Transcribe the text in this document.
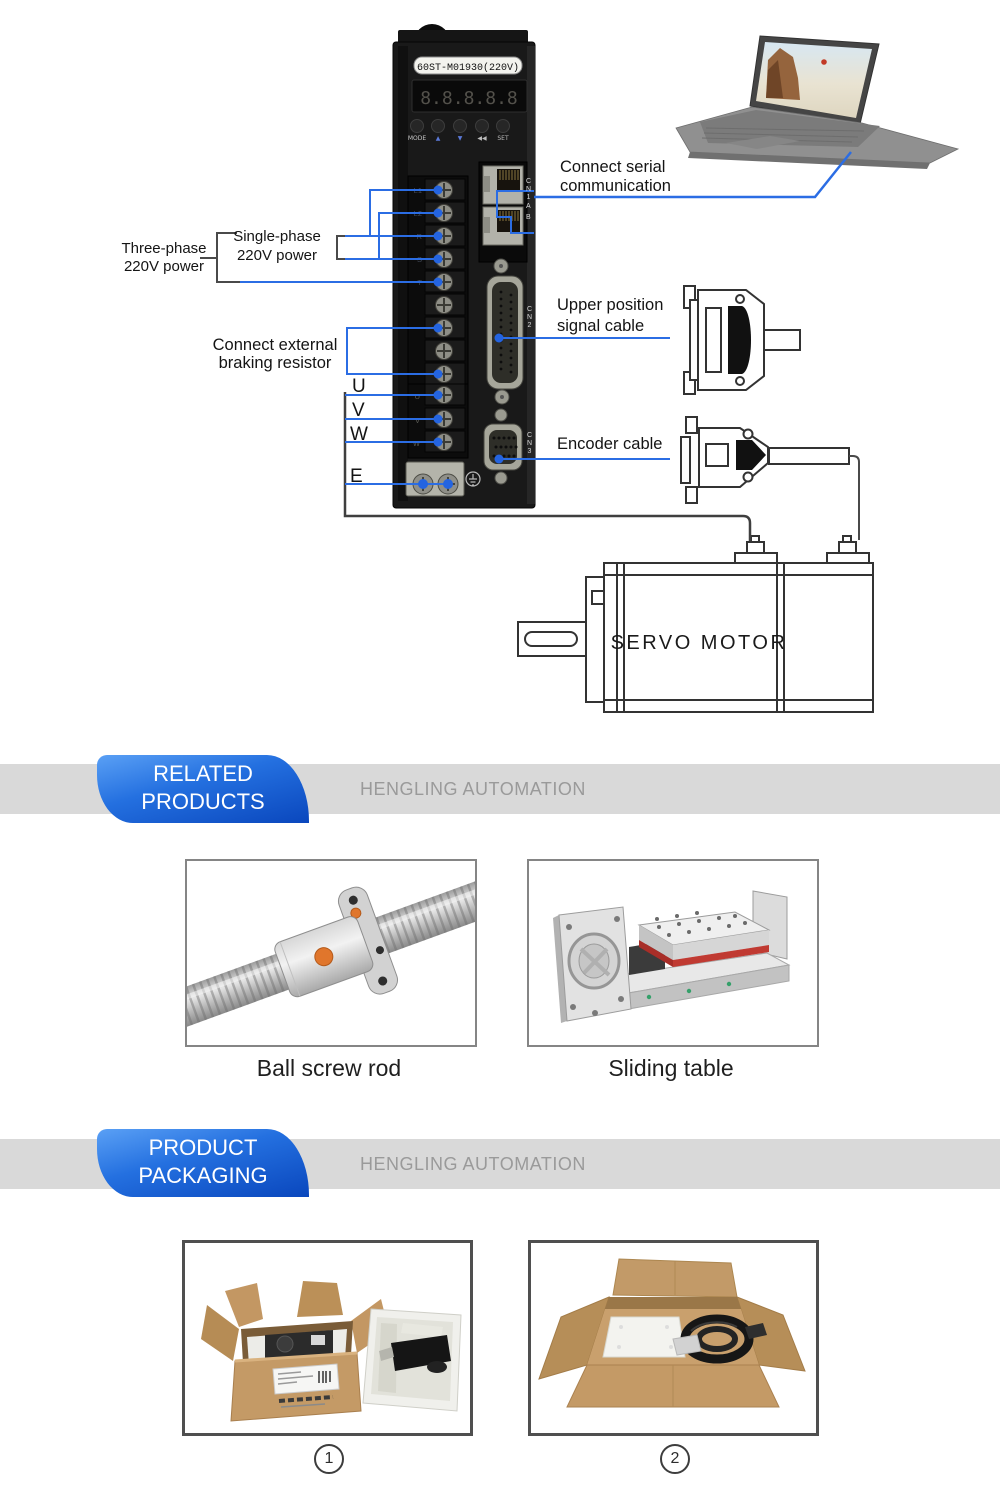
60ST-M01930(220V)
8.8.8.8.8
MODE ▲	▼	◀◀ SET
L1
L2
R
S
T
U
V
W
SERVO MOTOR
Three-phase
220V power
Single-phase
220V power
Connect serial
communication
Connect external
braking resistor
Upper position
signal cable
Encoder cable
U
V
W
E
CN1
A
B
CN2
CN3
RELATED
PRODUCTS	HENGLING AUTOMATION
Ball screw rod	Sliding table
PRODUCT
PACKAGING	HENGLING AUTOMATION
1	2
